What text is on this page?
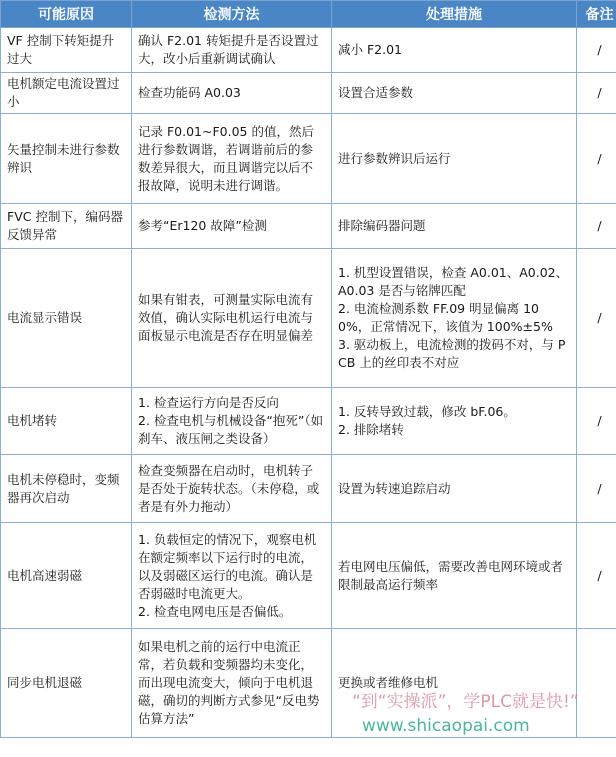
可能原因	检测方法	处理措施	备注
VF 控制下转矩提升过大	确认 F2.01 转矩提升是否设置过大，改小后重新调试确认	减小 F2.01	/
电机额定电流设置过小	检查功能码 A0.03	设置合适参数	/
矢量控制未进行参数辨识	记录 F0.01~F0.05 的值，然后进行参数调谐，若调谐前后的参数差异很大，而且调谐完以后不报故障，说明未进行调谐。	进行参数辨识后运行	/
FVC 控制下，编码器反馈异常	参考“Er120 故障”检测	排除编码器问题	/
电流显示错误	如果有钳表，可测量实际电流有效值，确认实际电机运行电流与面板显示电流是否存在明显偏差	1. 机型设置错误，检查 A0.01、A0.02、A0.03 是否与铭牌匹配
2. 电流检测系数 FF.09 明显偏离 100%，正常情况下，该值为 100%±5%
3. 驱动板上，电流检测的拨码不对，与 PCB 上的丝印表不对应	/
电机堵转	1. 检查运行方向是否反向
2. 检查电机与机械设备“抱死”（如刹车、液压闸之类设备）	1. 反转导致过载，修改 bF.06。
2. 排除堵转	/
电机未停稳时，变频器再次启动	检查变频器在启动时，电机转子是否处于旋转状态。（未停稳，或者是有外力拖动）	设置为转速追踪启动	/
电机高速弱磁	1. 负载恒定的情况下，观察电机在额定频率以下运行时的电流，以及弱磁区运行的电流。确认是否弱磁时电流更大。
2. 检查电网电压是否偏低。	若电网电压偏低，需要改善电网环境或者限制最高运行频率	/
同步电机退磁	如果电机之前的运行中电流正常，若负载和变频器均未变化，而出现电流变大，倾向于电机退磁，确切的判断方式参见“反电势估算方法”	更换或者维修电机	

“到“实操派”，学PLC就是快!”
www.shicaopai.com
